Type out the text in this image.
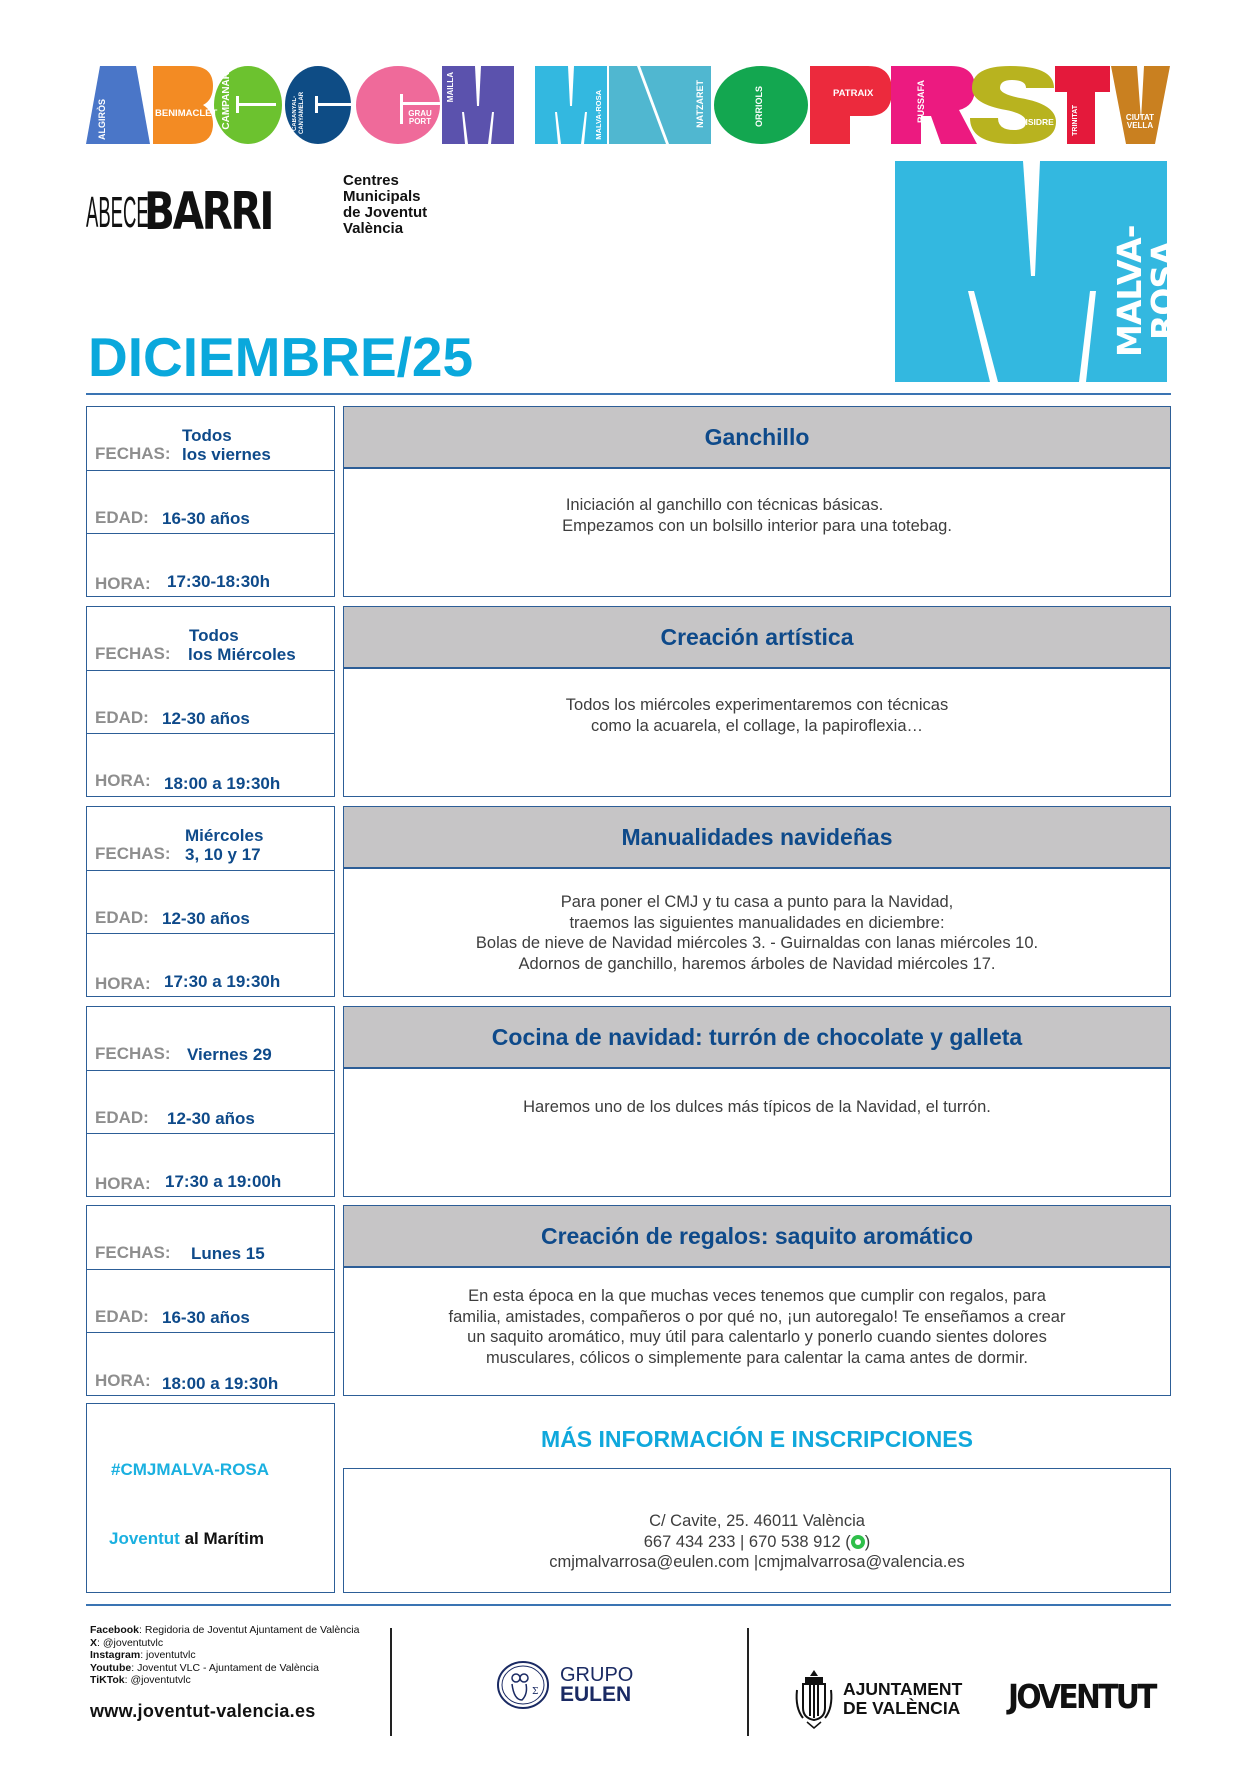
ALGIRÒS	BENIMACLET CAMPANAR	CABANYAL-CANYAMELAR	GRAU PORT
MAILLA
MALVA-ROSA	NATZARET	ORRIOLS	PATRAIX	RUSSAFA	SANT ISIDRE	TRINITAT	CIUTAT VELLA
ABECE
BARRI
Centres
Municipals
de Joventut
València	MALVA-ROSA
DICIEMBRE/25
FECHAS:
Todos
los viernes
EDAD: 16-30 años
HORA: 17:30-18:30h
Ganchillo
Iniciación al ganchillo con técnicas básicas.
Empezamos con un bolsillo interior para una totebag.
FECHAS:
Todos
los Miércoles
EDAD: 12-30 años
HORA: 18:00 a 19:30h
Creación artística
Todos los miércoles experimentaremos con técnicas
como la acuarela, el collage, la papiroflexia…
FECHAS:
Miércoles
3, 10 y 17
EDAD: 12-30 años
HORA: 17:30 a 19:30h
Manualidades navideñas
Para poner el CMJ y tu casa a punto para la Navidad,
traemos las siguientes manualidades en diciembre:
Bolas de nieve de Navidad miércoles 3. - Guirnaldas con lanas miércoles 10.
Adornos de ganchillo, haremos árboles de Navidad miércoles 17.
FECHAS: Viernes 29
EDAD: 12-30 años
HORA: 17:30 a 19:00h
Cocina de navidad: turrón de chocolate y galleta
Haremos uno de los dulces más típicos de la Navidad, el turrón.
FECHAS: Lunes 15
EDAD: 16-30 años
HORA: 18:00 a 19:30h
Creación de regalos: saquito aromático
En esta época en la que muchas veces tenemos que cumplir con regalos, para
familia, amistades, compañeros o por qué no, ¡un autoregalo! Te enseñamos a crear
un saquito aromático, muy útil para calentarlo y ponerlo cuando sientes dolores
musculares, cólicos o simplemente para calentar la cama antes de dormir.
#CMJMALVA-ROSA
Joventut al Marítim
MÁS INFORMACIÓN E INSCRIPCIONES
C/ Cavite, 25. 46011 València
667 434 233 | 670 538 912 ( )
cmjmalvarrosa@eulen.com |cmjmalvarrosa@valencia.es
Facebook: Regidoria de Joventut Ajuntament de València
X: @joventutvlc
Instagram: joventutvlc
Youtube: Joventut VLC - Ajuntament de València
TiKTok: @joventutvlc
www.joventut-valencia.es
Σ
GRUPO
EULEN	AJUNTAMENT
DE VALÈNCIA JOVENTUT
